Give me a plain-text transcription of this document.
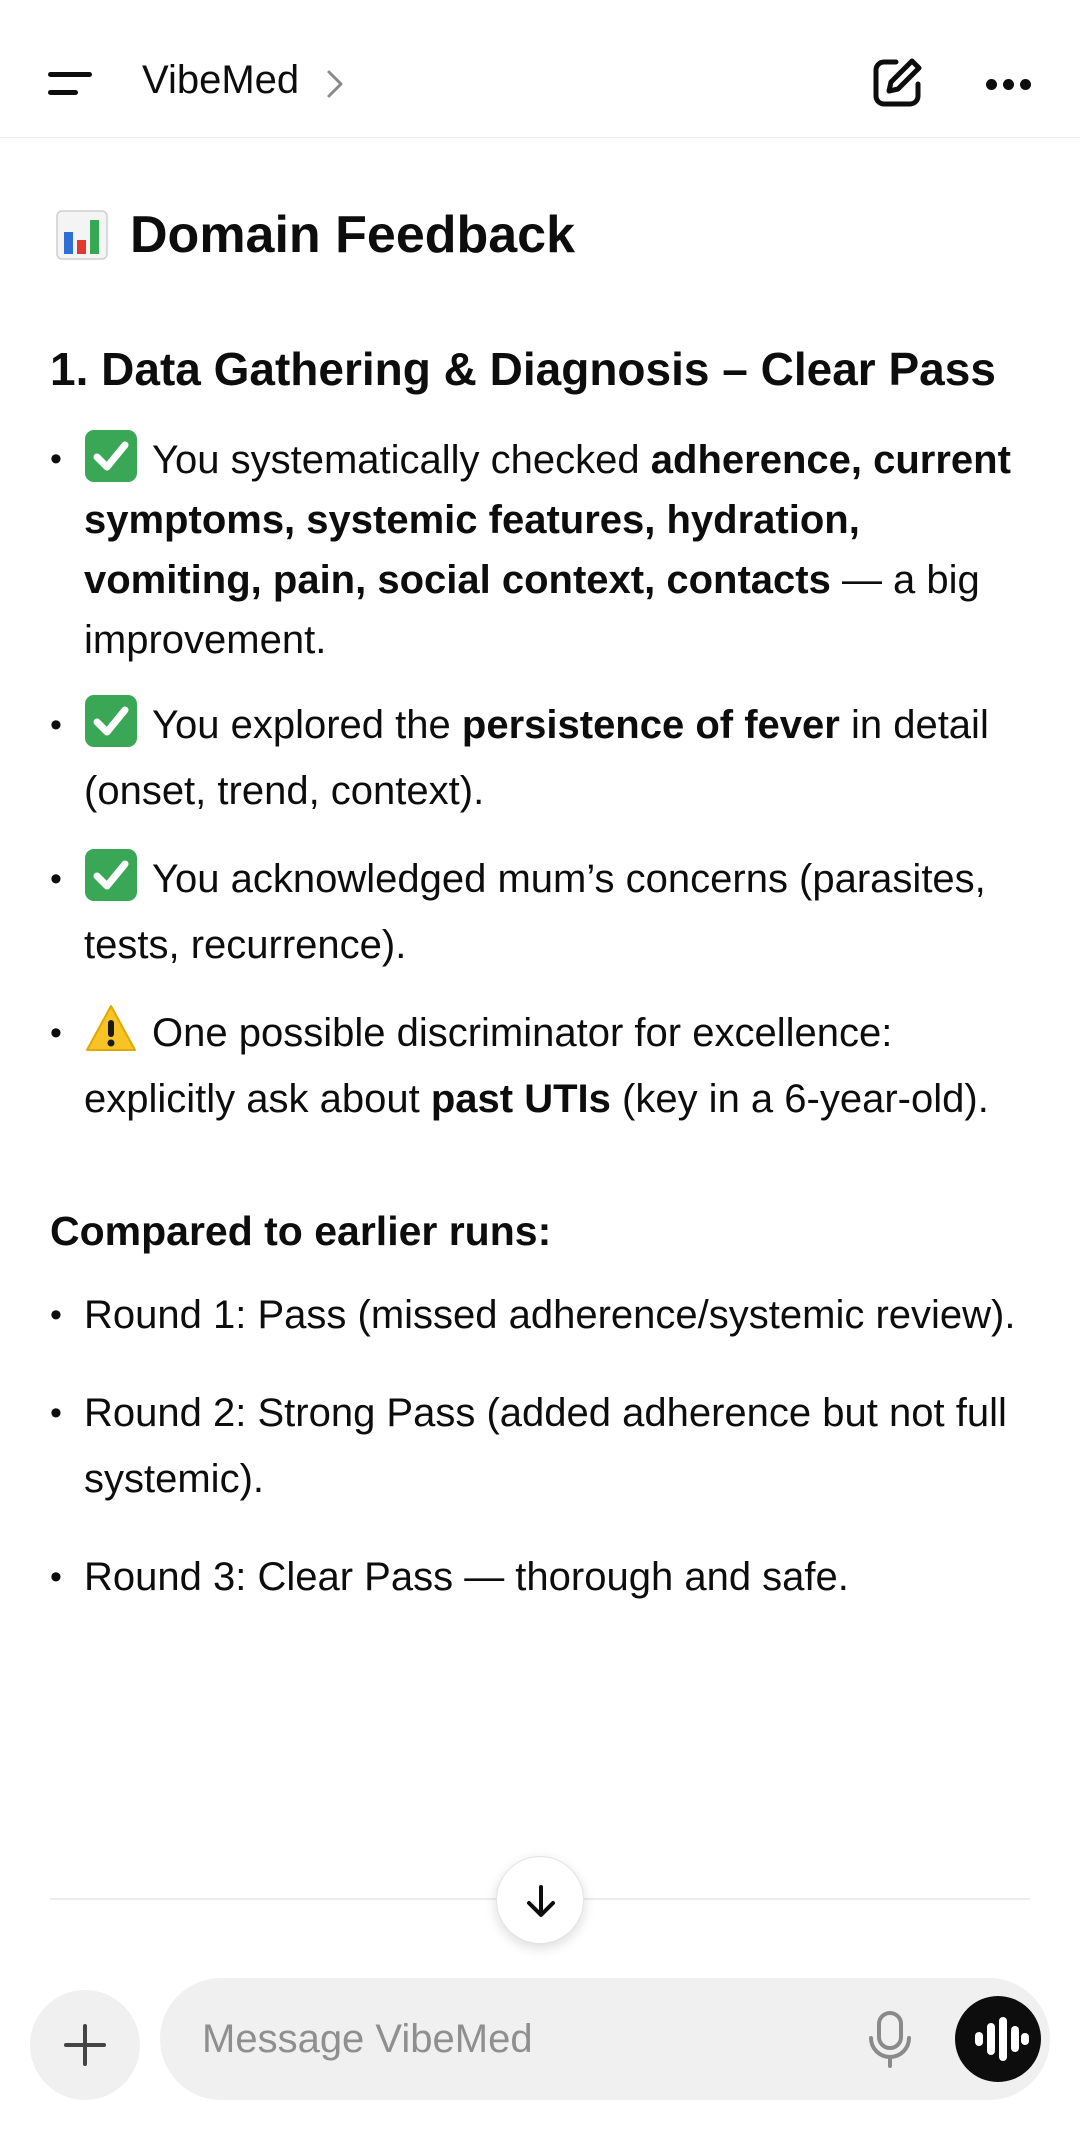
VibeMed
Domain Feedback
1. Data Gathering & Diagnosis – Clear Pass
• You systematically checked adherence, current symptoms, systemic features, hydration, vomiting, pain, social context, contacts — a big improvement.
• You explored the persistence of fever in detail (onset, trend, context).
• You acknowledged mum’s concerns (parasites, tests, recurrence).
• One possible discriminator for excellence: explicitly ask about past UTIs (key in a 6-year-old).
Compared to earlier runs:
• Round 1: Pass (missed adherence/systemic review).
• Round 2: Strong Pass (added adherence but not full systemic).
• Round 3: Clear Pass — thorough and safe.
Message VibeMed
